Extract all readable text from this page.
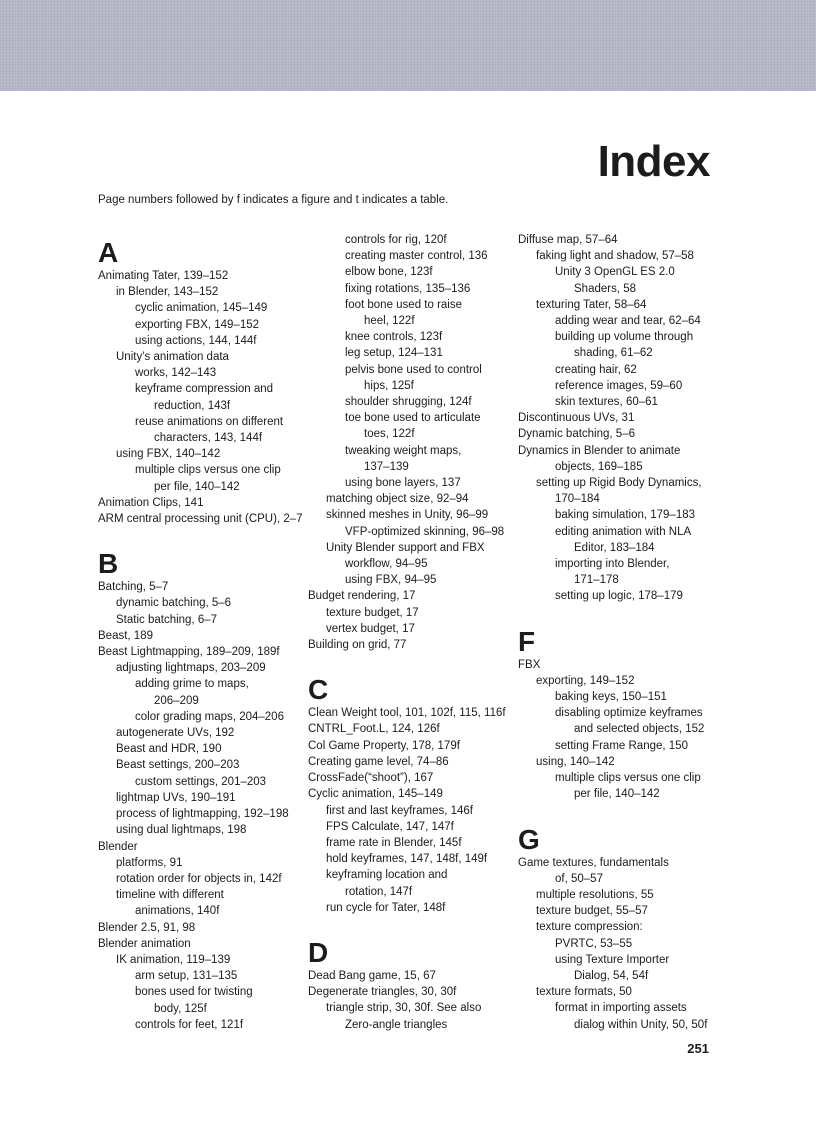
Index

Page numbers followed by f indicates a figure and t indicates a table.

A
Animating Tater, 139–152
in Blender, 143–152
cyclic animation, 145–149
exporting FBX, 149–152
using actions, 144, 144f
Unity’s animation data
works, 142–143
keyframe compression and
reduction, 143f
reuse animations on different
characters, 143, 144f
using FBX, 140–142
multiple clips versus one clip
per file, 140–142
Animation Clips, 141
ARM central processing unit (CPU), 2–7
B
Batching, 5–7
dynamic batching, 5–6
Static batching, 6–7
Beast, 189
Beast Lightmapping, 189–209, 189f
adjusting lightmaps, 203–209
adding grime to maps,
206–209
color grading maps, 204–206
autogenerate UVs, 192
Beast and HDR, 190
Beast settings, 200–203
custom settings, 201–203
lightmap UVs, 190–191
process of lightmapping, 192–198
using dual lightmaps, 198
Blender
platforms, 91
rotation order for objects in, 142f
timeline with different
animations, 140f
Blender 2.5, 91, 98
Blender animation
IK animation, 119–139
arm setup, 131–135
bones used for twisting
body, 125f
controls for feet, 121f
controls for rig, 120f
creating master control, 136
elbow bone, 123f
fixing rotations, 135–136
foot bone used to raise
heel, 122f
knee controls, 123f
leg setup, 124–131
pelvis bone used to control
hips, 125f
shoulder shrugging, 124f
toe bone used to articulate
toes, 122f
tweaking weight maps,
137–139
using bone layers, 137
matching object size, 92–94
skinned meshes in Unity, 96–99
VFP-optimized skinning, 96–98
Unity Blender support and FBX
workflow, 94–95
using FBX, 94–95
Budget rendering, 17
texture budget, 17
vertex budget, 17
Building on grid, 77
C
Clean Weight tool, 101, 102f, 115, 116f
CNTRL_Foot.L, 124, 126f
Col Game Property, 178, 179f
Creating game level, 74–86
CrossFade(“shoot”), 167
Cyclic animation, 145–149
first and last keyframes, 146f
FPS Calculate, 147, 147f
frame rate in Blender, 145f
hold keyframes, 147, 148f, 149f
keyframing location and
rotation, 147f
run cycle for Tater, 148f
D
Dead Bang game, 15, 67
Degenerate triangles, 30, 30f
triangle strip, 30, 30f. See also
Zero-angle triangles
Diffuse map, 57–64
faking light and shadow, 57–58
Unity 3 OpenGL ES 2.0
Shaders, 58
texturing Tater, 58–64
adding wear and tear, 62–64
building up volume through
shading, 61–62
creating hair, 62
reference images, 59–60
skin textures, 60–61
Discontinuous UVs, 31
Dynamic batching, 5–6
Dynamics in Blender to animate
objects, 169–185
setting up Rigid Body Dynamics,
170–184
baking simulation, 179–183
editing animation with NLA
Editor, 183–184
importing into Blender,
171–178
setting up logic, 178–179
F
FBX
exporting, 149–152
baking keys, 150–151
disabling optimize keyframes
and selected objects, 152
setting Frame Range, 150
using, 140–142
multiple clips versus one clip
per file, 140–142
G
Game textures, fundamentals
of, 50–57
multiple resolutions, 55
texture budget, 55–57
texture compression:
PVRTC, 53–55
using Texture Importer
Dialog, 54, 54f
texture formats, 50
format in importing assets
dialog within Unity, 50, 50f
251
